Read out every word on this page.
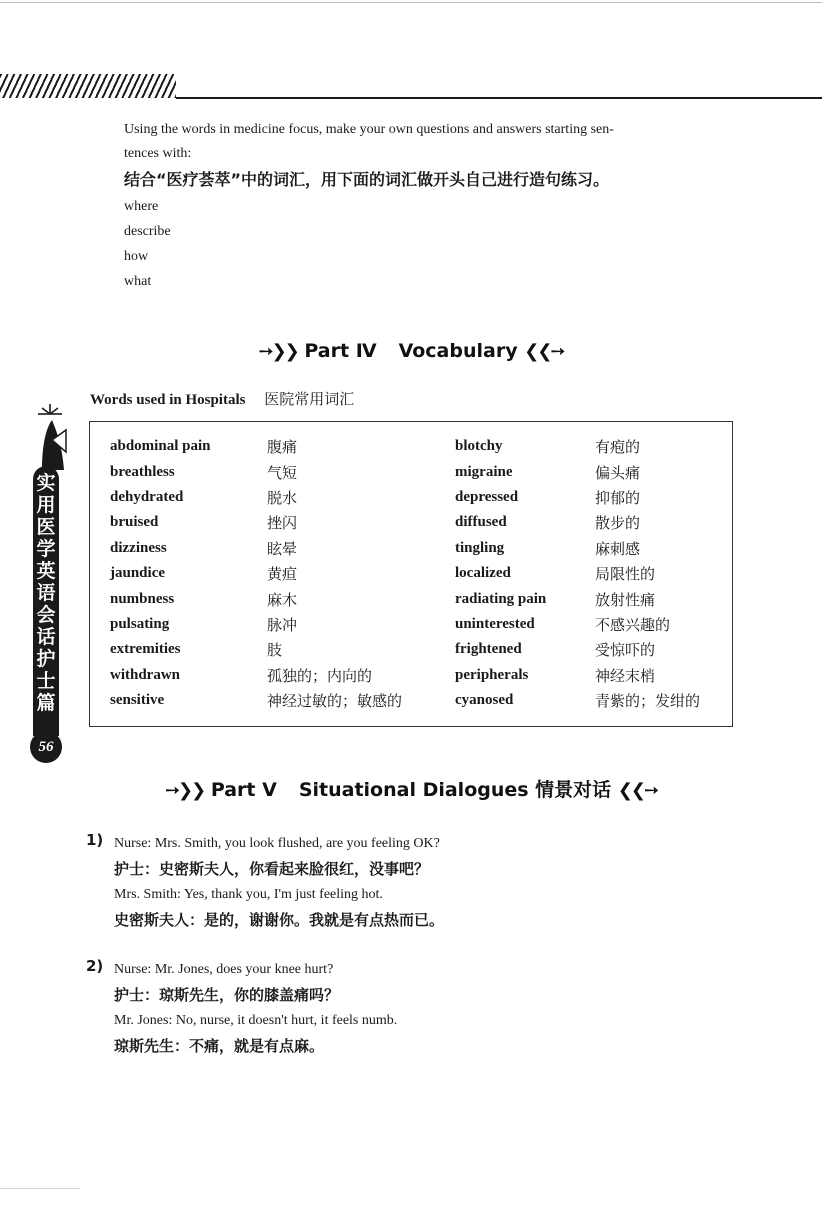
Using the words in medicine focus, make your own questions and answers starting sen-
tences with:
结合“医疗荟萃”中的词汇，用下面的词汇做开头自己进行造句练习。
where
describe
how
what
➙❯❯ Part Ⅳ Vocabulary ❮❮➙
Words used in Hospitals 医院常用词汇
abdominal pain
breathless
dehydrated
bruised
dizziness
jaundice
numbness
pulsating
extremities
withdrawn
sensitive
腹痛
气短
脱水
挫闪
眩晕
黄疸
麻木
脉冲
肢
孤独的；内向的
神经过敏的；敏感的
blotchy
migraine
depressed
diffused
tingling
localized
radiating pain
uninterested
frightened
peripherals
cyanosed
有疱的
偏头痛
抑郁的
散步的
麻刺感
局限性的
放射性痛
不感兴趣的
受惊吓的
神经末梢
青紫的；发绀的
实用医学英语会话护士篇
56
➙❯❯ Part Ⅴ Situational Dialogues 情景对话 ❮❮➙
1) Nurse: Mrs. Smith, you look flushed, are you feeling OK?
护士：史密斯夫人，你看起来脸很红，没事吧？
Mrs. Smith: Yes, thank you, I'm just feeling hot.
史密斯夫人：是的，谢谢你。我就是有点热而已。
2) Nurse: Mr. Jones, does your knee hurt?
护士：琼斯先生，你的膝盖痛吗？
Mr. Jones: No, nurse, it doesn't hurt, it feels numb.
琼斯先生：不痛，就是有点麻。
